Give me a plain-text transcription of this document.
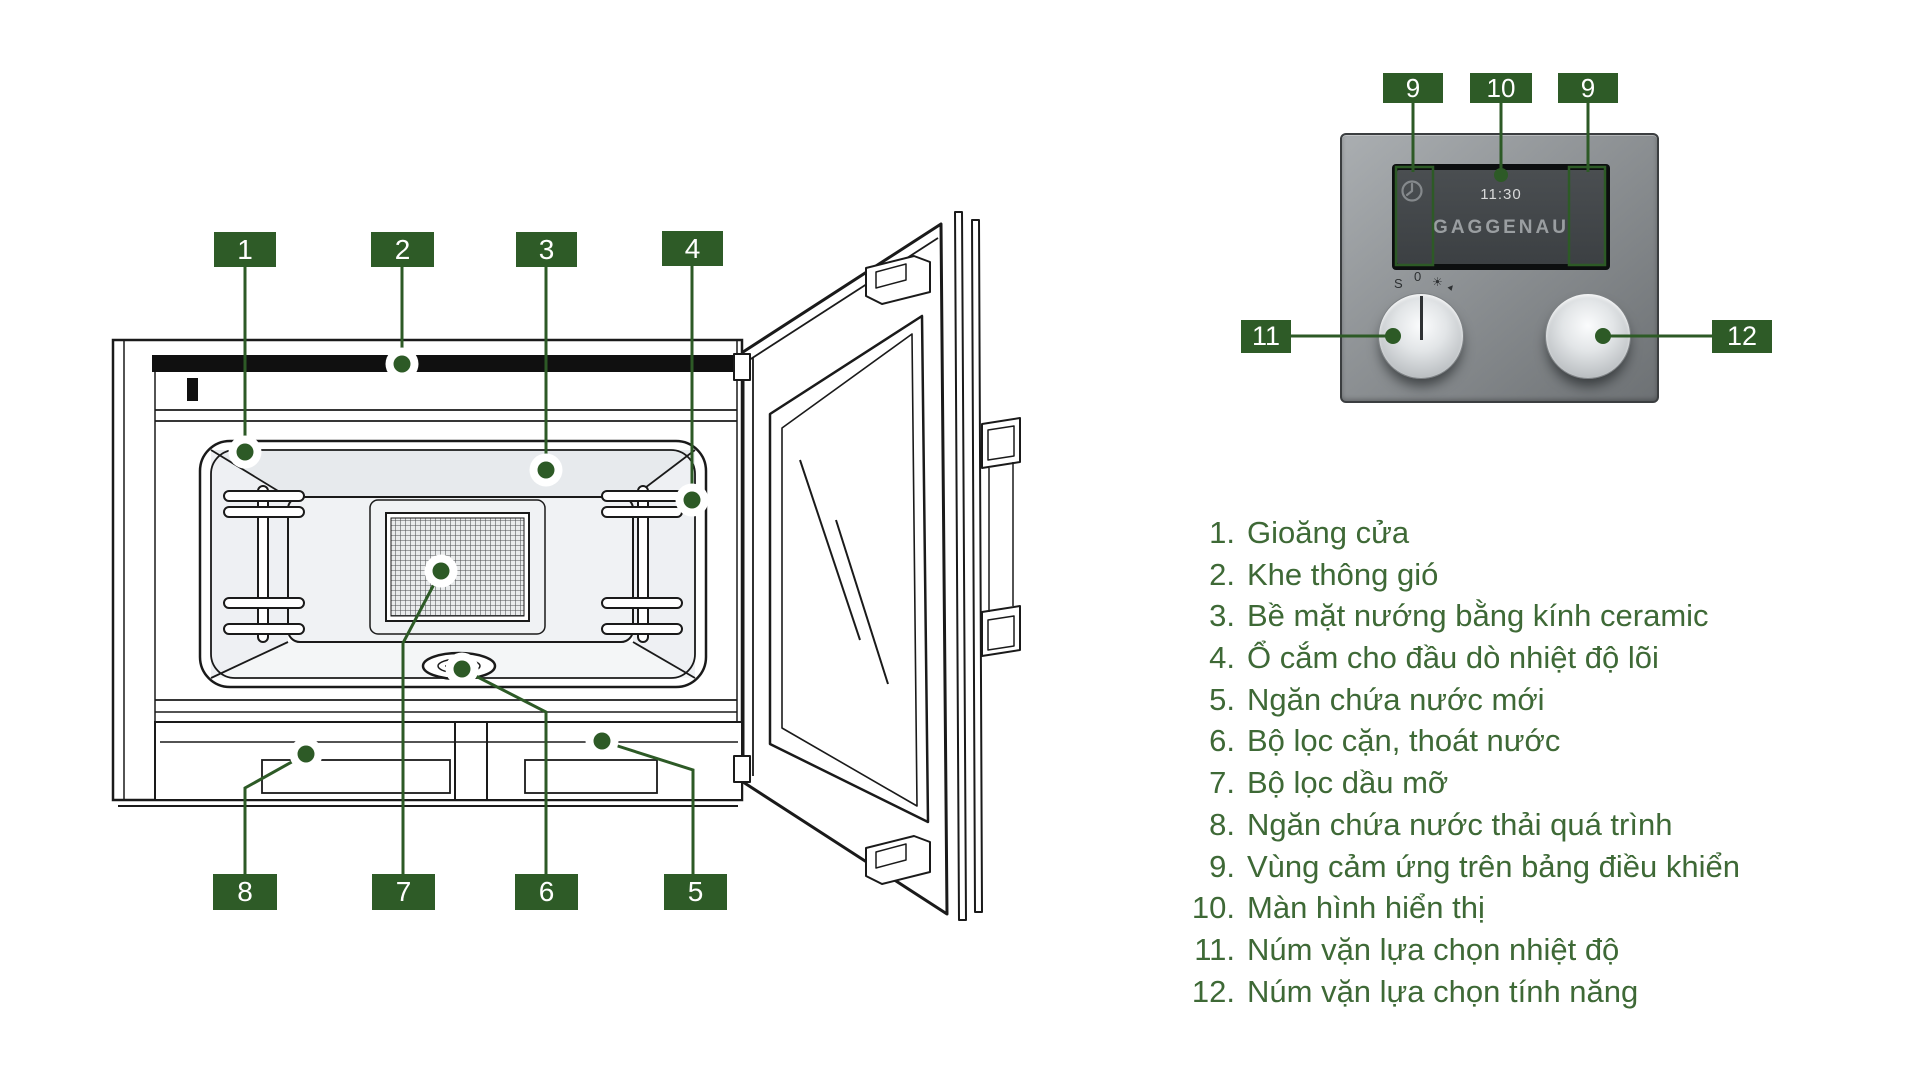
11:30
GAGGENAU
S 0 ☀ ▲
1	2	3	4
5
6
7
8
9	10	9
11	12
1. Gioăng cửa
2. Khe thông gió
3. Bề mặt nướng bằng kính ceramic
4. Ổ cắm cho đầu dò nhiệt độ lõi
5. Ngăn chứa nước mới
6. Bộ lọc cặn, thoát nước
7. Bộ lọc dầu mỡ
8. Ngăn chứa nước thải quá trình
9. Vùng cảm ứng trên bảng điều khiển
10. Màn hình hiển thị
11. Núm vặn lựa chọn nhiệt độ
12. Núm vặn lựa chọn tính năng
